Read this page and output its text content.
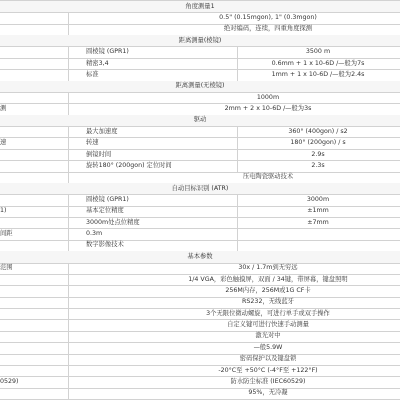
角度测量1
0.5" (0.15mgon), 1" (0.3mgon)
绝对编码，连续，四重角度探测
距离测量(棱镜)
圆棱镜 (GPR1)	3500 m
精密3,4	0.6mm + 1 x 10-6D /—般为7s
标准	1mm + 1 x 10-6D /—般为2.4s
距离测量(无棱镜)
1000m
测	2mm + 2 x 10-6D /—般为3s
驱动
最大加速度	360° (400gon) / s2
速	转速	180° (200gon) / s
倒镜时间	2.9s
旋转180° (200gon) 定位时间	2.3s
压电陶瓷驱动技术
自动目标识别 (ATR)
圆棱镜 (GPR1)	3000m
1)	基本定位精度	±1mm
3000m处点位精度	±7mm
间距	0.3m
数字影像技术
基本参数
范围	30x / 1.7m到无穷远
1/4 VGA，彩色触摸屏，双面 / 34键，带屏幕，键盘照明
256M内存，256M或1G CF卡
RS232，无线蓝牙
3个无限位微动螺旋，可进行单手或双手操作
自定义键可进行快速手动测量
激光对中
—般5.9W
密码保护以及键盘锁
-20°C至 +50°C (-4°F至 +122°F)
0529)	防水防尘标准 (IEC60529)
95%，无冷凝
